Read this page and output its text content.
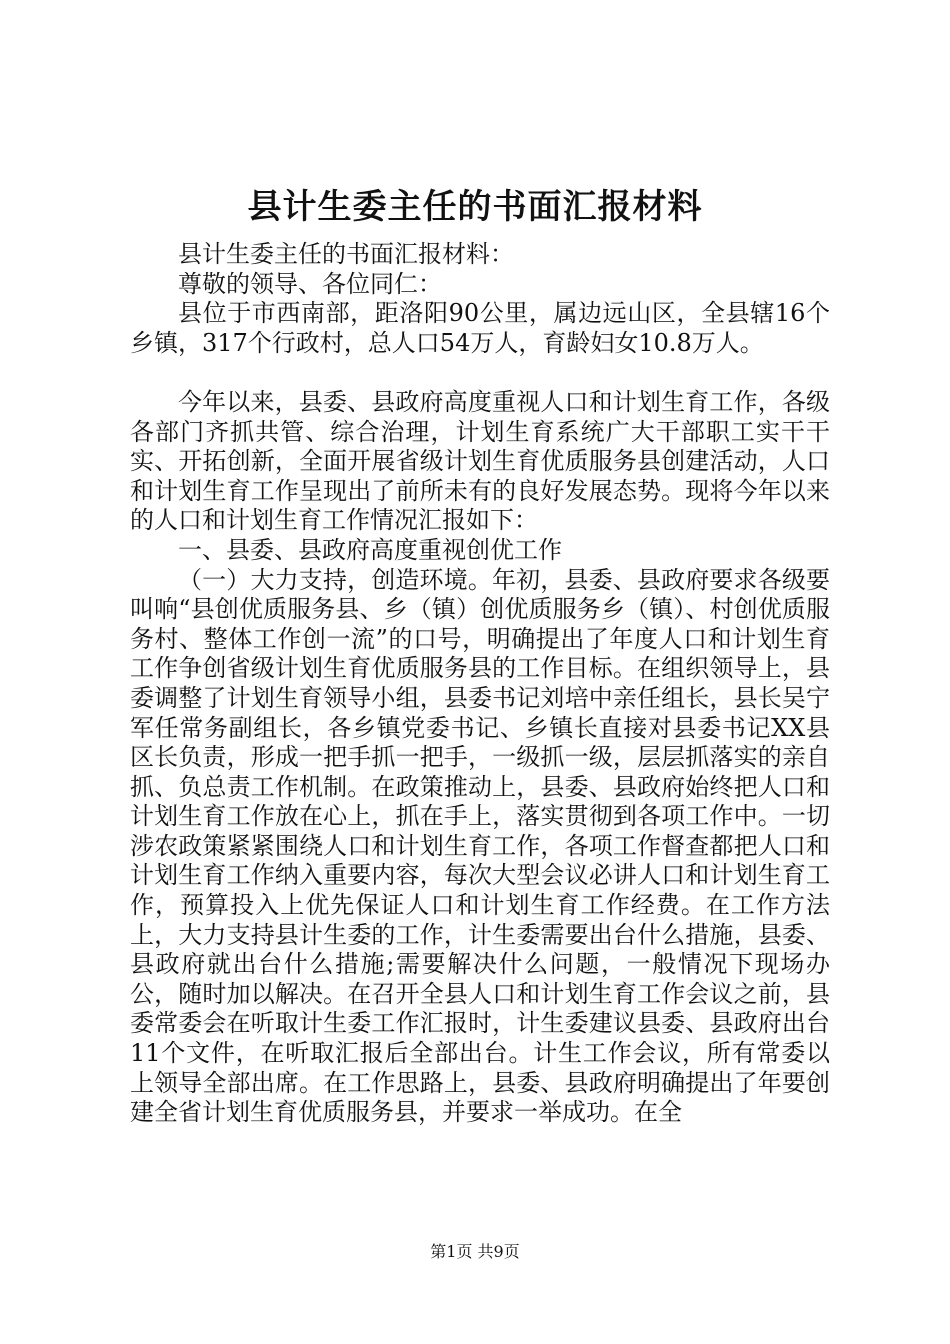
县计生委主任的书面汇报材料

县计生委主任的书面汇报材料：

尊敬的领导、各位同仁：

县位于市西南部，距洛阳90公里，属边远山区，全县辖16个乡镇，317个行政村，总人口54万人，育龄妇女10.8万人。

今年以来，县委、县政府高度重视人口和计划生育工作，各级各部门齐抓共管、综合治理，计划生育系统广大干部职工实干干实、开拓创新，全面开展省级计划生育优质服务县创建活动，人口和计划生育工作呈现出了前所未有的良好发展态势。现将今年以来的人口和计划生育工作情况汇报如下：

一、县委、县政府高度重视创优工作

（一）大力支持，创造环境。年初，县委、县政府要求各级要叫响“县创优质服务县、乡（镇）创优质服务乡（镇）、村创优质服务村、整体工作创一流”的口号，明确提出了年度人口和计划生育工作争创省级计划生育优质服务县的工作目标。在组织领导上，县委调整了计划生育领导小组，县委书记刘培中亲任组长，县长吴宁军任常务副组长，各乡镇党委书记、乡镇长直接对县委书记XX县区长负责，形成一把手抓一把手，一级抓一级，层层抓落实的亲自抓、负总责工作机制。在政策推动上，县委、县政府始终把人口和计划生育工作放在心上，抓在手上，落实贯彻到各项工作中。一切涉农政策紧紧围绕人口和计划生育工作，各项工作督查都把人口和计划生育工作纳入重要内容，每次大型会议必讲人口和计划生育工作，预算投入上优先保证人口和计划生育工作经费。在工作方法上，大力支持县计生委的工作，计生委需要出台什么措施，县委、县政府就出台什么措施;需要解决什么问题，一般情况下现场办公，随时加以解决。在召开全县人口和计划生育工作会议之前，县委常委会在听取计生委工作汇报时，计生委建议县委、县政府出台11个文件，在听取汇报后全部出台。计生工作会议，所有常委以上领导全部出席。在工作思路上，县委、县政府明确提出了年要创建全省计划生育优质服务县，并要求一举成功。在全

第1页 共9页
